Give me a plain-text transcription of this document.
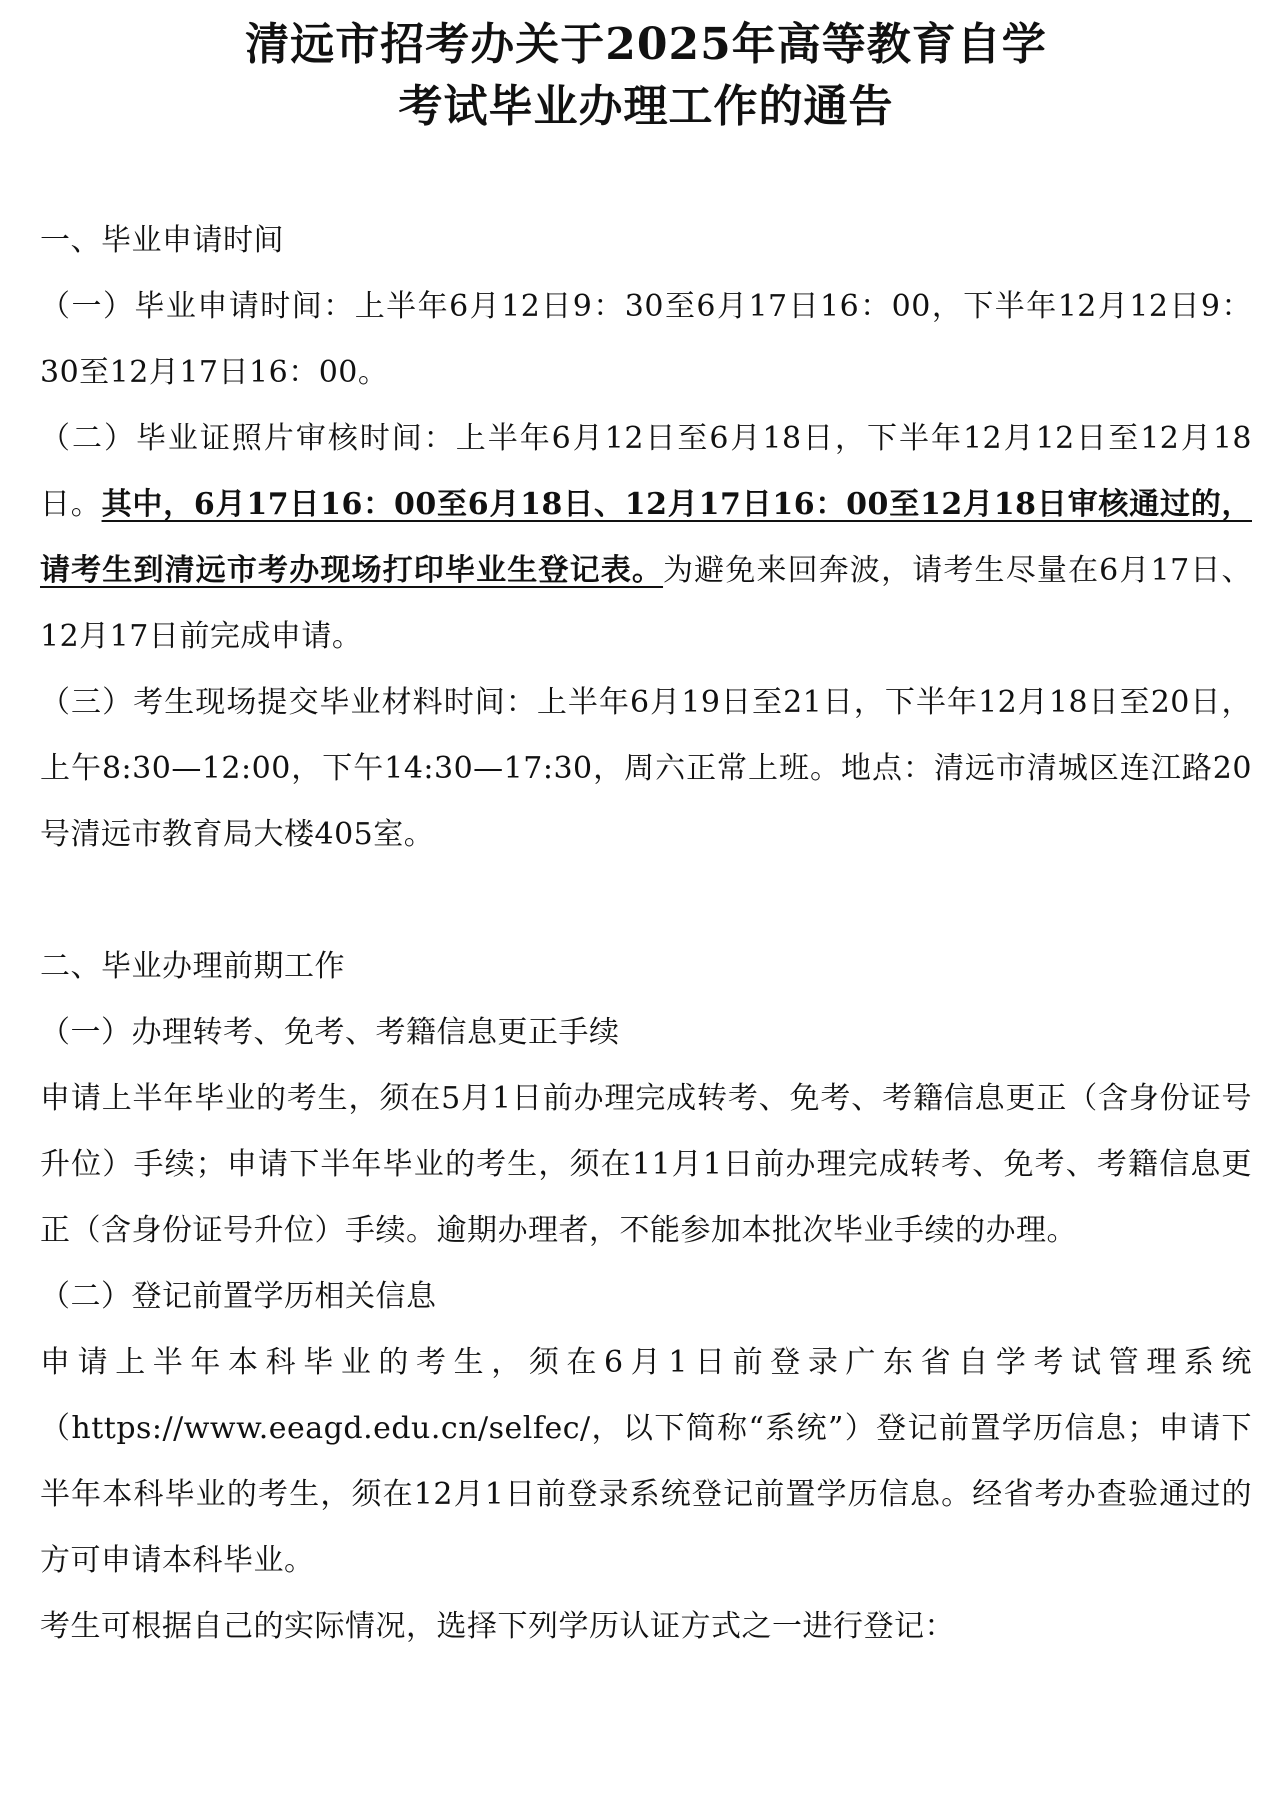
清远市招考办关于2025年高等教育自学
考试毕业办理工作的通告

一、毕业申请时间

（一）毕业申请时间：上半年6月12日9：30至6月17日16：00，下半年12月12日9：30至12月17日16：00。

（二）毕业证照片审核时间：上半年6月12日至6月18日，下半年12月12日至12月18日。其中，6月17日16：00至6月18日、12月17日16：00至12月18日审核通过的，请考生到清远市考办现场打印毕业生登记表。为避免来回奔波，请考生尽量在6月17日、12月17日前完成申请。

（三）考生现场提交毕业材料时间：上半年6月19日至21日，下半年12月18日至20日，上午8:30—12:00，下午14:30—17:30，周六正常上班。地点：清远市清城区连江路20号清远市教育局大楼405室。

二、毕业办理前期工作

（一）办理转考、免考、考籍信息更正手续

申请上半年毕业的考生，须在5月1日前办理完成转考、免考、考籍信息更正（含身份证号升位）手续；申请下半年毕业的考生，须在11月1日前办理完成转考、免考、考籍信息更正（含身份证号升位）手续。逾期办理者，不能参加本批次毕业手续的办理。

（二）登记前置学历相关信息

申请上半年本科毕业的考生，须在6月1日前登录广东省自学考试管理系统（https://www.eeagd.edu.cn/selfec/，以下简称“系统”）登记前置学历信息；申请下半年本科毕业的考生，须在12月1日前登录系统登记前置学历信息。经省考办查验通过的方可申请本科毕业。

考生可根据自己的实际情况，选择下列学历认证方式之一进行登记：
